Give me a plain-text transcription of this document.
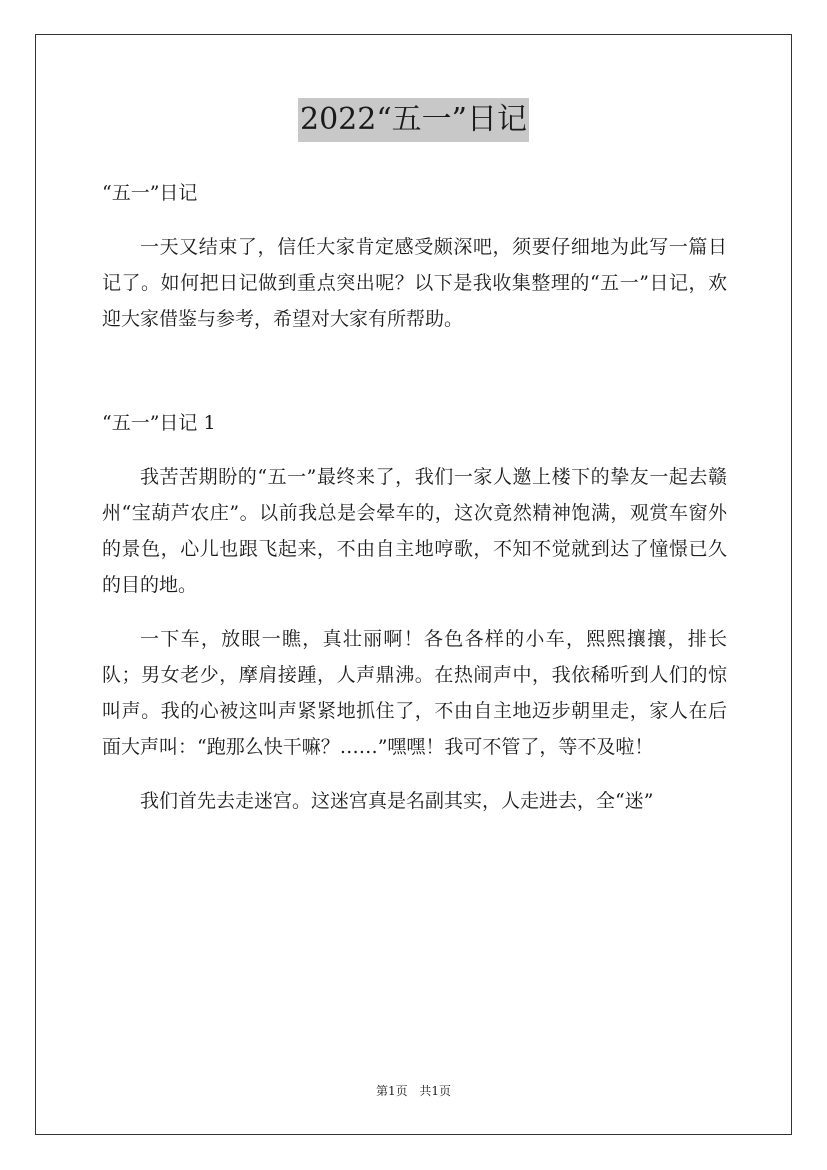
2022“五一”日记

“五一”日记

一天又结束了，信任大家肯定感受颇深吧，须要仔细地为此写一篇日记了。如何把日记做到重点突出呢？以下是我收集整理的“五一”日记，欢迎大家借鉴与参考，希望对大家有所帮助。

“五一”日记 1

我苦苦期盼的“五一”最终来了，我们一家人邀上楼下的挚友一起去赣州“宝葫芦农庄”。以前我总是会晕车的，这次竟然精神饱满，观赏车窗外的景色，心儿也跟飞起来，不由自主地哼歌，不知不觉就到达了憧憬已久的目的地。

一下车，放眼一瞧，真壮丽啊！各色各样的小车，熙熙攘攘，排长队；男女老少，摩肩接踵，人声鼎沸。在热闹声中，我依稀听到人们的惊叫声。我的心被这叫声紧紧地抓住了，不由自主地迈步朝里走，家人在后面大声叫：“跑那么快干嘛？……”嘿嘿！我可不管了，等不及啦！

我们首先去走迷宫。这迷宫真是名副其实，人走进去，全“迷”

第1页 共1页
